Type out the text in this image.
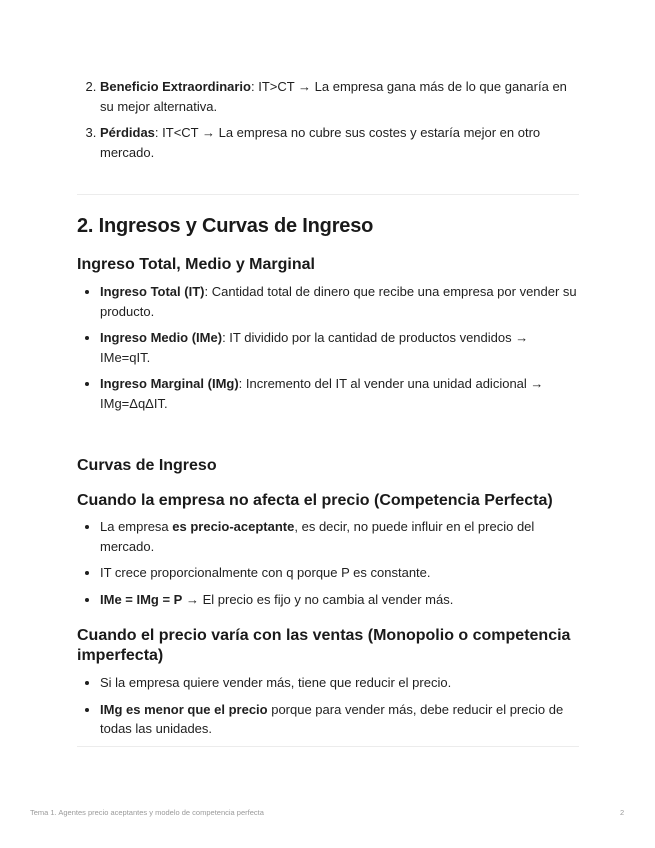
2. Beneficio Extraordinario: IT>CT → La empresa gana más de lo que ganaría en su mejor alternativa.
3. Pérdidas: IT<CT → La empresa no cubre sus costes y estaría mejor en otro mercado.
2. Ingresos y Curvas de Ingreso
Ingreso Total, Medio y Marginal
• Ingreso Total (IT): Cantidad total de dinero que recibe una empresa por vender su producto.
• Ingreso Medio (IMe): IT dividido por la cantidad de productos vendidos → IMe=qIT.
• Ingreso Marginal (IMg): Incremento del IT al vender una unidad adicional → IMg=ΔqΔIT.
Curvas de Ingreso
Cuando la empresa no afecta el precio (Competencia Perfecta)
• La empresa es precio-aceptante, es decir, no puede influir en el precio del mercado.
• IT crece proporcionalmente con q porque P es constante.
• IMe = IMg = P → El precio es fijo y no cambia al vender más.
Cuando el precio varía con las ventas (Monopolio o competencia imperfecta)
• Si la empresa quiere vender más, tiene que reducir el precio.
• IMg es menor que el precio porque para vender más, debe reducir el precio de todas las unidades.
Tema 1. Agentes precio aceptantes y modelo de competencia perfecta	2
